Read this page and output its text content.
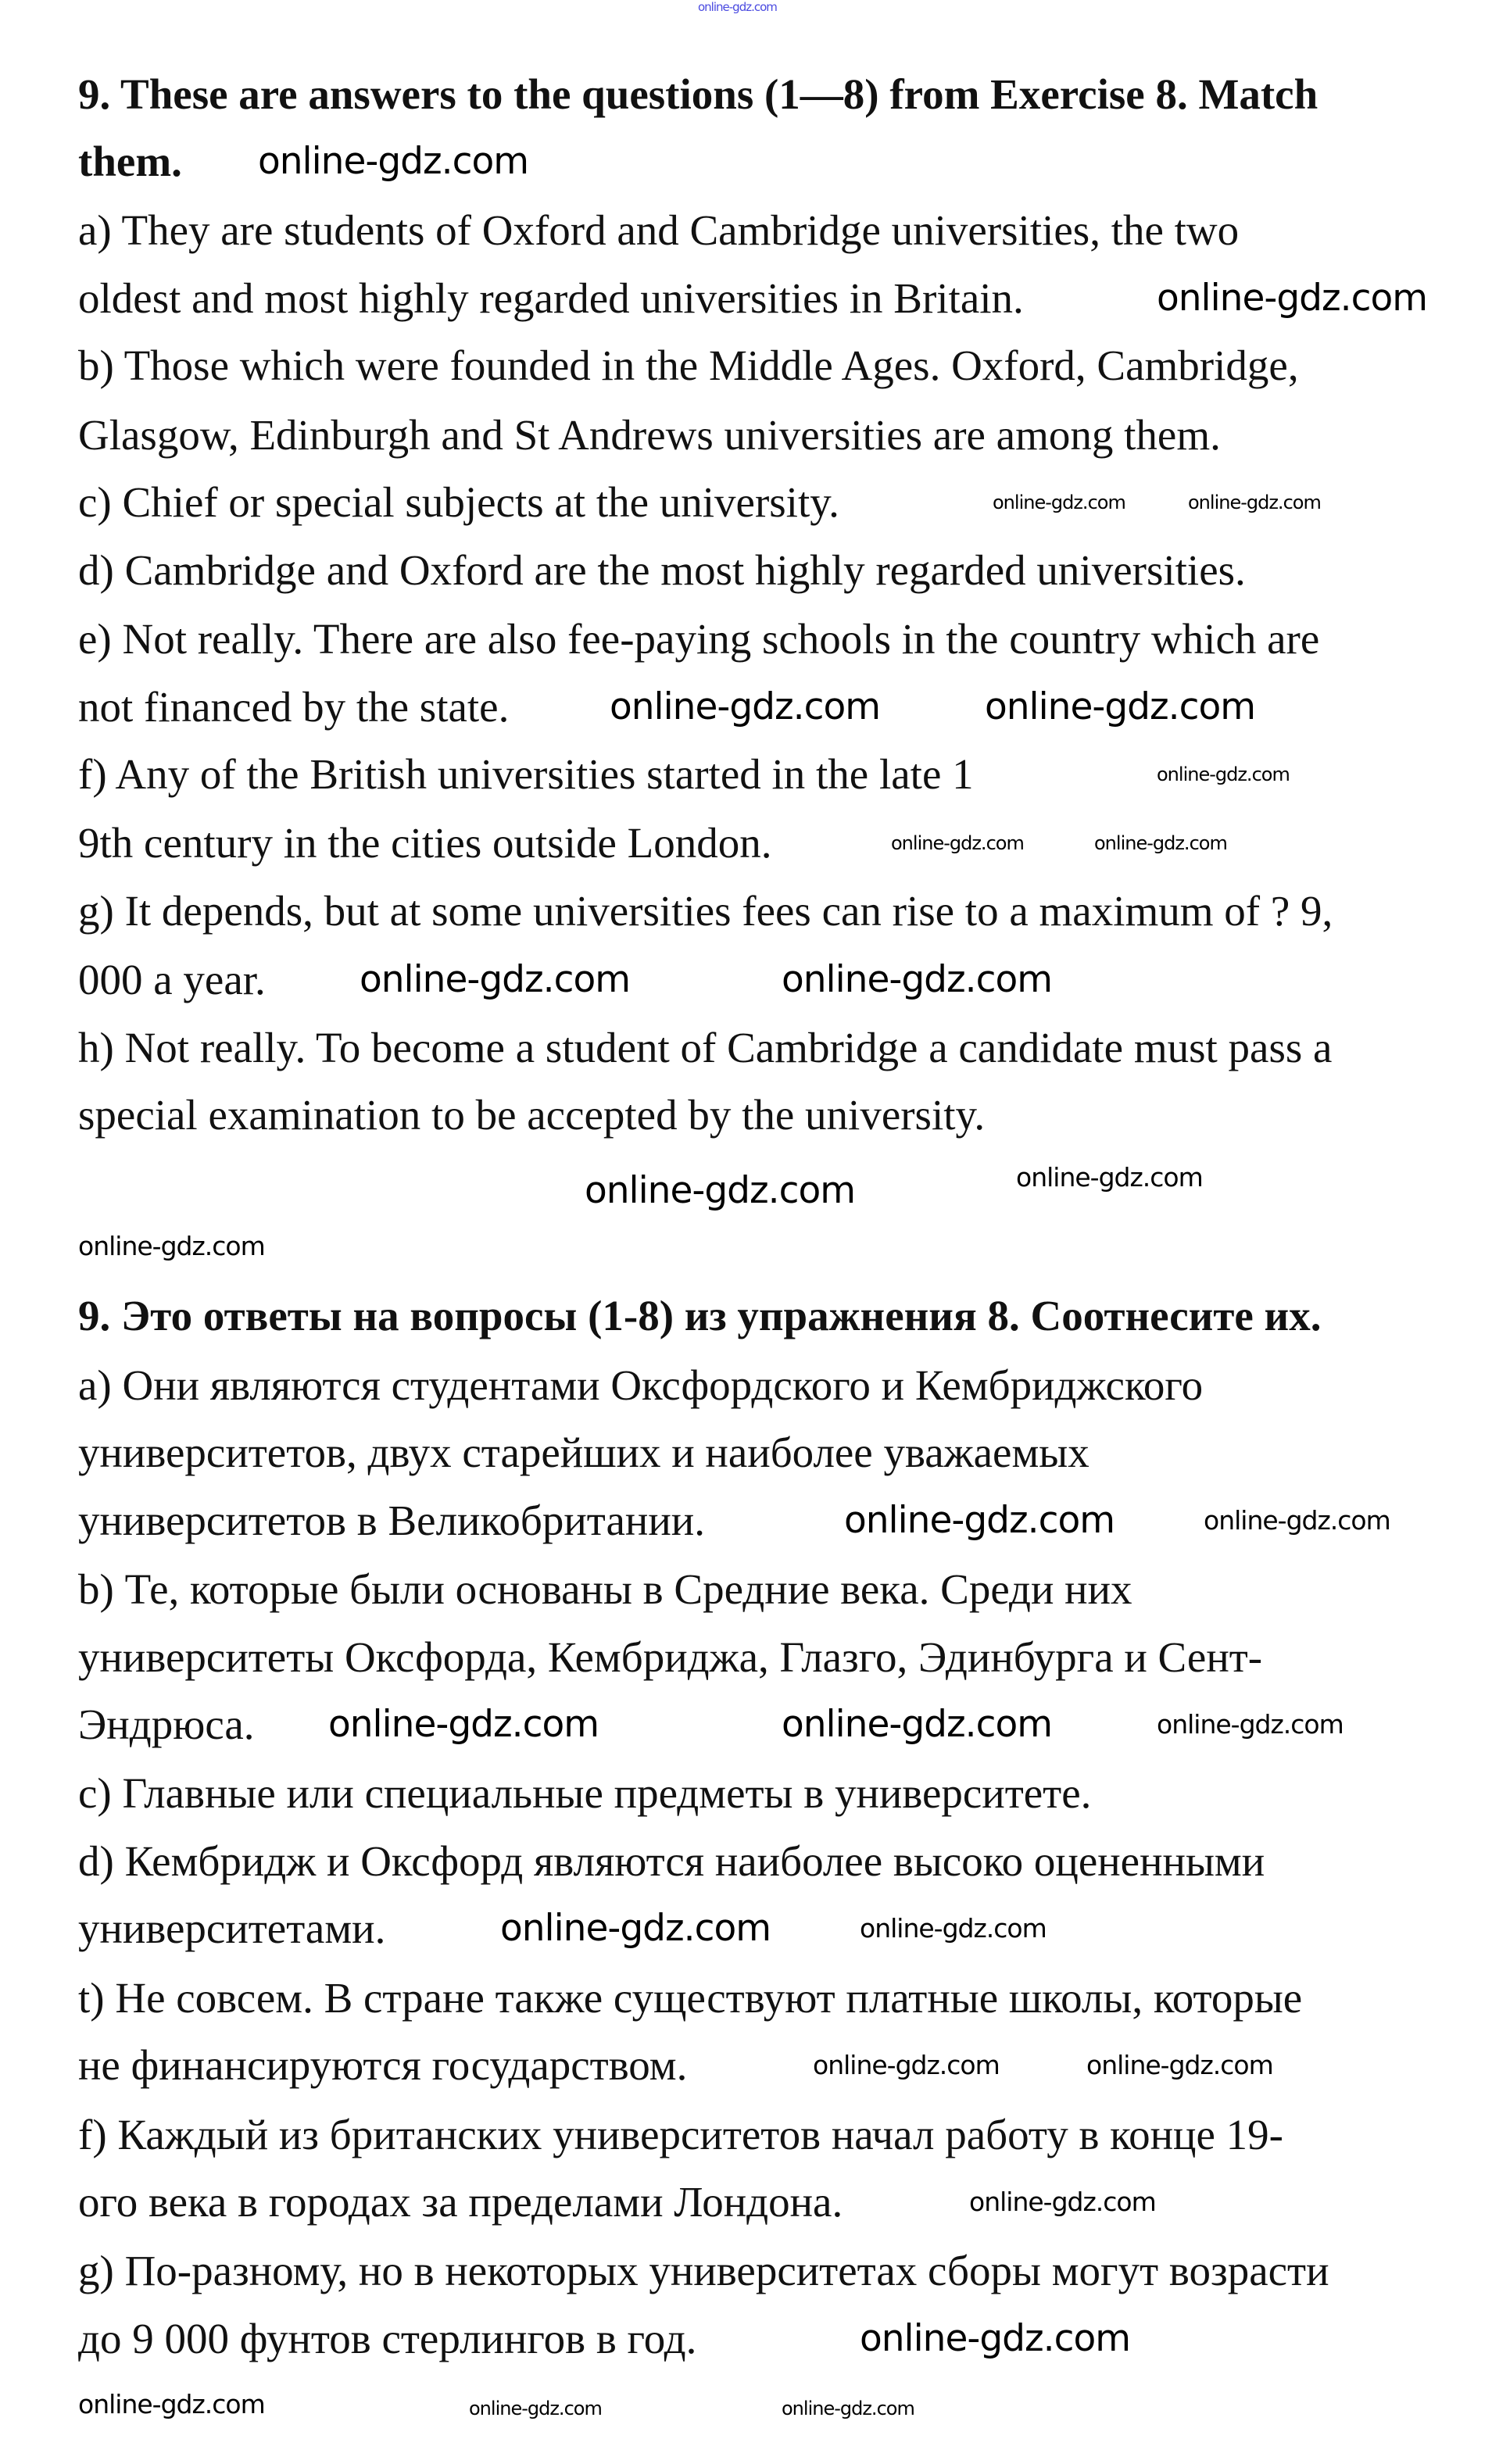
9. These are answers to the questions (1—8) from Exercise 8. Match
them.
a) They are students of Oxford and Cambridge universities, the two
oldest and most highly regarded universities in Britain.
b) Those which were founded in the Middle Ages. Oxford, Cambridge,
Glasgow, Edinburgh and St Andrews universities are among them.
c) Chief or special subjects at the university.
d) Cambridge and Oxford are the most highly regarded universities.
e) Not really. There are also fee-paying schools in the country which are
not financed by the state.
f) Any of the British universities started in the late 1
9th century in the cities outside London.
g) It depends, but at some universities fees can rise to a maximum of ? 9,
000 a year.
h) Not really. To become a student of Cambridge a candidate must pass a
special examination to be accepted by the university.
9. Это ответы на вопросы (1-8) из упражнения 8. Соотнесите их.
a) Они являются студентами Оксфордского и Кембриджского
университетов, двух старейших и наиболее уважаемых
университетов в Великобритании.
b) Те, которые были основаны в Средние века. Среди них
университеты Оксфорда, Кембриджа, Глазго, Эдинбурга и Сент-
Эндрюса.
c) Главные или специальные предметы в университете.
d) Кембридж и Оксфорд являются наиболее высоко оцененными
университетами.
t) Не совсем. В стране также существуют платные школы, которые
не финансируются государством.
f) Каждый из британских университетов начал работу в конце 19-
ого века в городах за пределами Лондона.
g) По-разному, но в некоторых университетах сборы могут возрасти
до 9 000 фунтов стерлингов в год.
online-gdz.com
online-gdz.com
online-gdz.com
online-gdz.com	online-gdz.com
online-gdz.com	online-gdz.com
online-gdz.com
online-gdz.com
online-gdz.com	online-gdz.com
online-gdz.com
online-gdz.com
online-gdz.com	online-gdz.com
online-gdz.com
online-gdz.com	online-gdz.com
online-gdz.com
online-gdz.com
online-gdz.com
online-gdz.com
online-gdz.com
online-gdz.com	online-gdz.com
online-gdz.com
online-gdz.com	online-gdz.com	online-gdz.com
